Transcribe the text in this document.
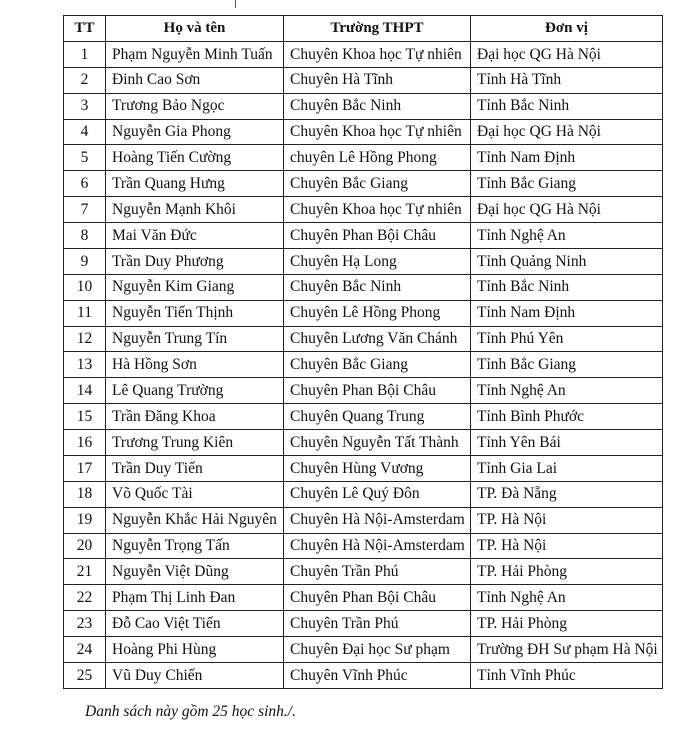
TT	Họ và tên	Trường THPT	Đơn vị
1	Phạm Nguyễn Minh Tuấn	Chuyên Khoa học Tự nhiên	Đại học QG Hà Nội
2	Đinh Cao Sơn	Chuyên Hà Tĩnh	Tỉnh Hà Tĩnh
3	Trương Bảo Ngọc	Chuyên Bắc Ninh	Tỉnh Bắc Ninh
4	Nguyễn Gia Phong	Chuyên Khoa học Tự nhiên	Đại học QG Hà Nội
5	Hoàng Tiến Cường	chuyên Lê Hồng Phong	Tỉnh Nam Định
6	Trần Quang Hưng	Chuyên Bắc Giang	Tỉnh Bắc Giang
7	Nguyễn Mạnh Khôi	Chuyên Khoa học Tự nhiên	Đại học QG Hà Nội
8	Mai Văn Đức	Chuyên Phan Bội Châu	Tỉnh Nghệ An
9	Trần Duy Phương	Chuyên Hạ Long	Tỉnh Quảng Ninh
10	Nguyễn Kim Giang	Chuyên Bắc Ninh	Tỉnh Bắc Ninh
11	Nguyễn Tiến Thịnh	Chuyên Lê Hồng Phong	Tỉnh Nam Định
12	Nguyễn Trung Tín	Chuyên Lương Văn Chánh	Tỉnh Phú Yên
13	Hà Hồng Sơn	Chuyên Bắc Giang	Tỉnh Bắc Giang
14	Lê Quang Trường	Chuyên Phan Bội Châu	Tỉnh Nghệ An
15	Trần Đăng Khoa	Chuyên Quang Trung	Tỉnh Bình Phước
16	Trương Trung Kiên	Chuyên Nguyễn Tất Thành	Tỉnh Yên Bái
17	Trần Duy Tiến	Chuyên Hùng Vương	Tỉnh Gia Lai
18	Võ Quốc Tài	Chuyên Lê Quý Đôn	TP. Đà Nẵng
19	Nguyễn Khắc Hải Nguyên	Chuyên Hà Nội-Amsterdam	TP. Hà Nội
20	Nguyễn Trọng Tấn	Chuyên Hà Nội-Amsterdam	TP. Hà Nội
21	Nguyễn Việt Dũng	Chuyên Trần Phú	TP. Hải Phòng
22	Phạm Thị Linh Đan	Chuyên Phan Bội Châu	Tỉnh Nghệ An
23	Đỗ Cao Việt Tiến	Chuyên Trần Phú	TP. Hải Phòng
24	Hoàng Phi Hùng	Chuyên Đại học Sư phạm	Trường ĐH Sư phạm Hà Nội
25	Vũ Duy Chiến	Chuyên Vĩnh Phúc	Tỉnh Vĩnh Phúc
Danh sách này gồm 25 học sinh./.
